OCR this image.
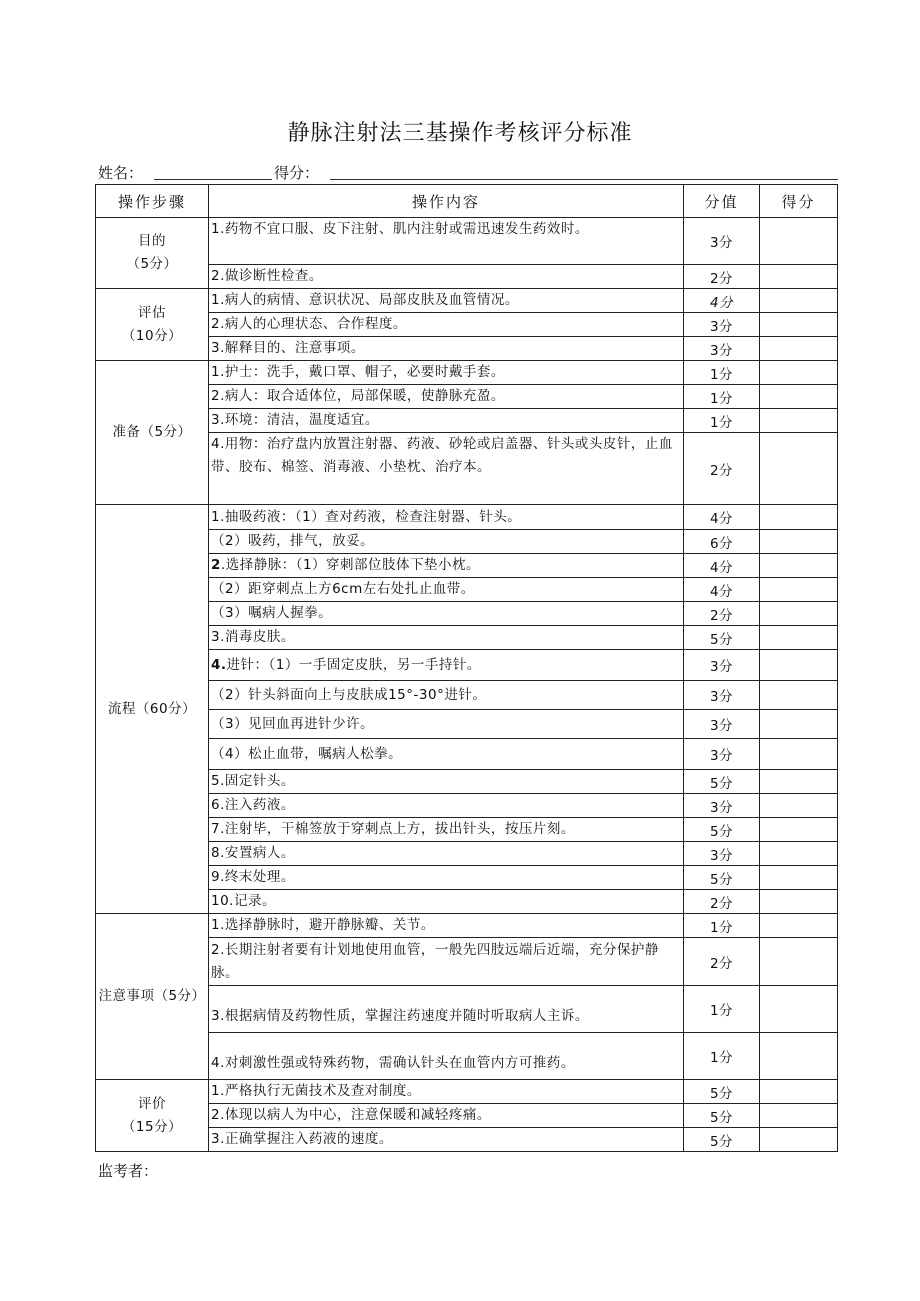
静脉注射法三基操作考核评分标准
姓名：	得分：
操作步骤	操作内容	分值	得分

目的
（5分）	1.药物不宜口服、皮下注射、肌内注射或需迅速发生药效时。	3分	
	2.做诊断性检查。	2分	

评估
（10分）	1.病人的病情、意识状况、局部皮肤及血管情况。	4分	
	2.病人的心理状态、合作程度。	3分	
	3.解释目的、注意事项。	3分	
准备（5分）	1.护士：洗手，戴口罩、帽子，必要时戴手套。	1分	
	2.病人：取合适体位，局部保暖，使静脉充盈。	1分	
	3.环境：清洁，温度适宜。	1分	
	4.用物：治疗盘内放置注射器、药液、砂轮或启盖器、针头或头皮针，止血带、胶布、棉签、消毒液、小垫枕、治疗本。	2分	
流程（60分）	1.抽吸药液：（1）查对药液，检查注射器、针头。	4分	
	（2）吸药，排气，放妥。	6分	
	2.选择静脉：（1）穿刺部位肢体下垫小枕。	4分	
	（2）距穿刺点上方6cm左右处扎止血带。	4分	
	（3）嘱病人握拳。	2分	
	3.消毒皮肤。	5分	
	4.进针：（1）一手固定皮肤，另一手持针。	3分	
	（2）针头斜面向上与皮肤成15°-30°进针。	3分	
	（3）见回血再进针少许。	3分	
	（4）松止血带，嘱病人松拳。	3分	
	5.固定针头。	5分	
	6.注入药液。	3分	
	7.注射毕，干棉签放于穿刺点上方，拔出针头，按压片刻。	5分	
	8.安置病人。	3分	
	9.终末处理。	5分	
	10.记录。	2分	
注意事项（5分）	1.选择静脉时，避开静脉瓣、关节。	1分	
	2.长期注射者要有计划地使用血管，一般先四肢远端后近端，充分保护静脉。	2分	
	3.根据病情及药物性质，掌握注药速度并随时听取病人主诉。	1分	
	4.对刺激性强或特殊药物，需确认针头在血管内方可推药。	1分	

评价
（15分）	1.严格执行无菌技术及查对制度。	5分	
	2.体现以病人为中心，注意保暖和减轻疼痛。	5分	
	3.正确掌握注入药液的速度。	5分	
监考者：
